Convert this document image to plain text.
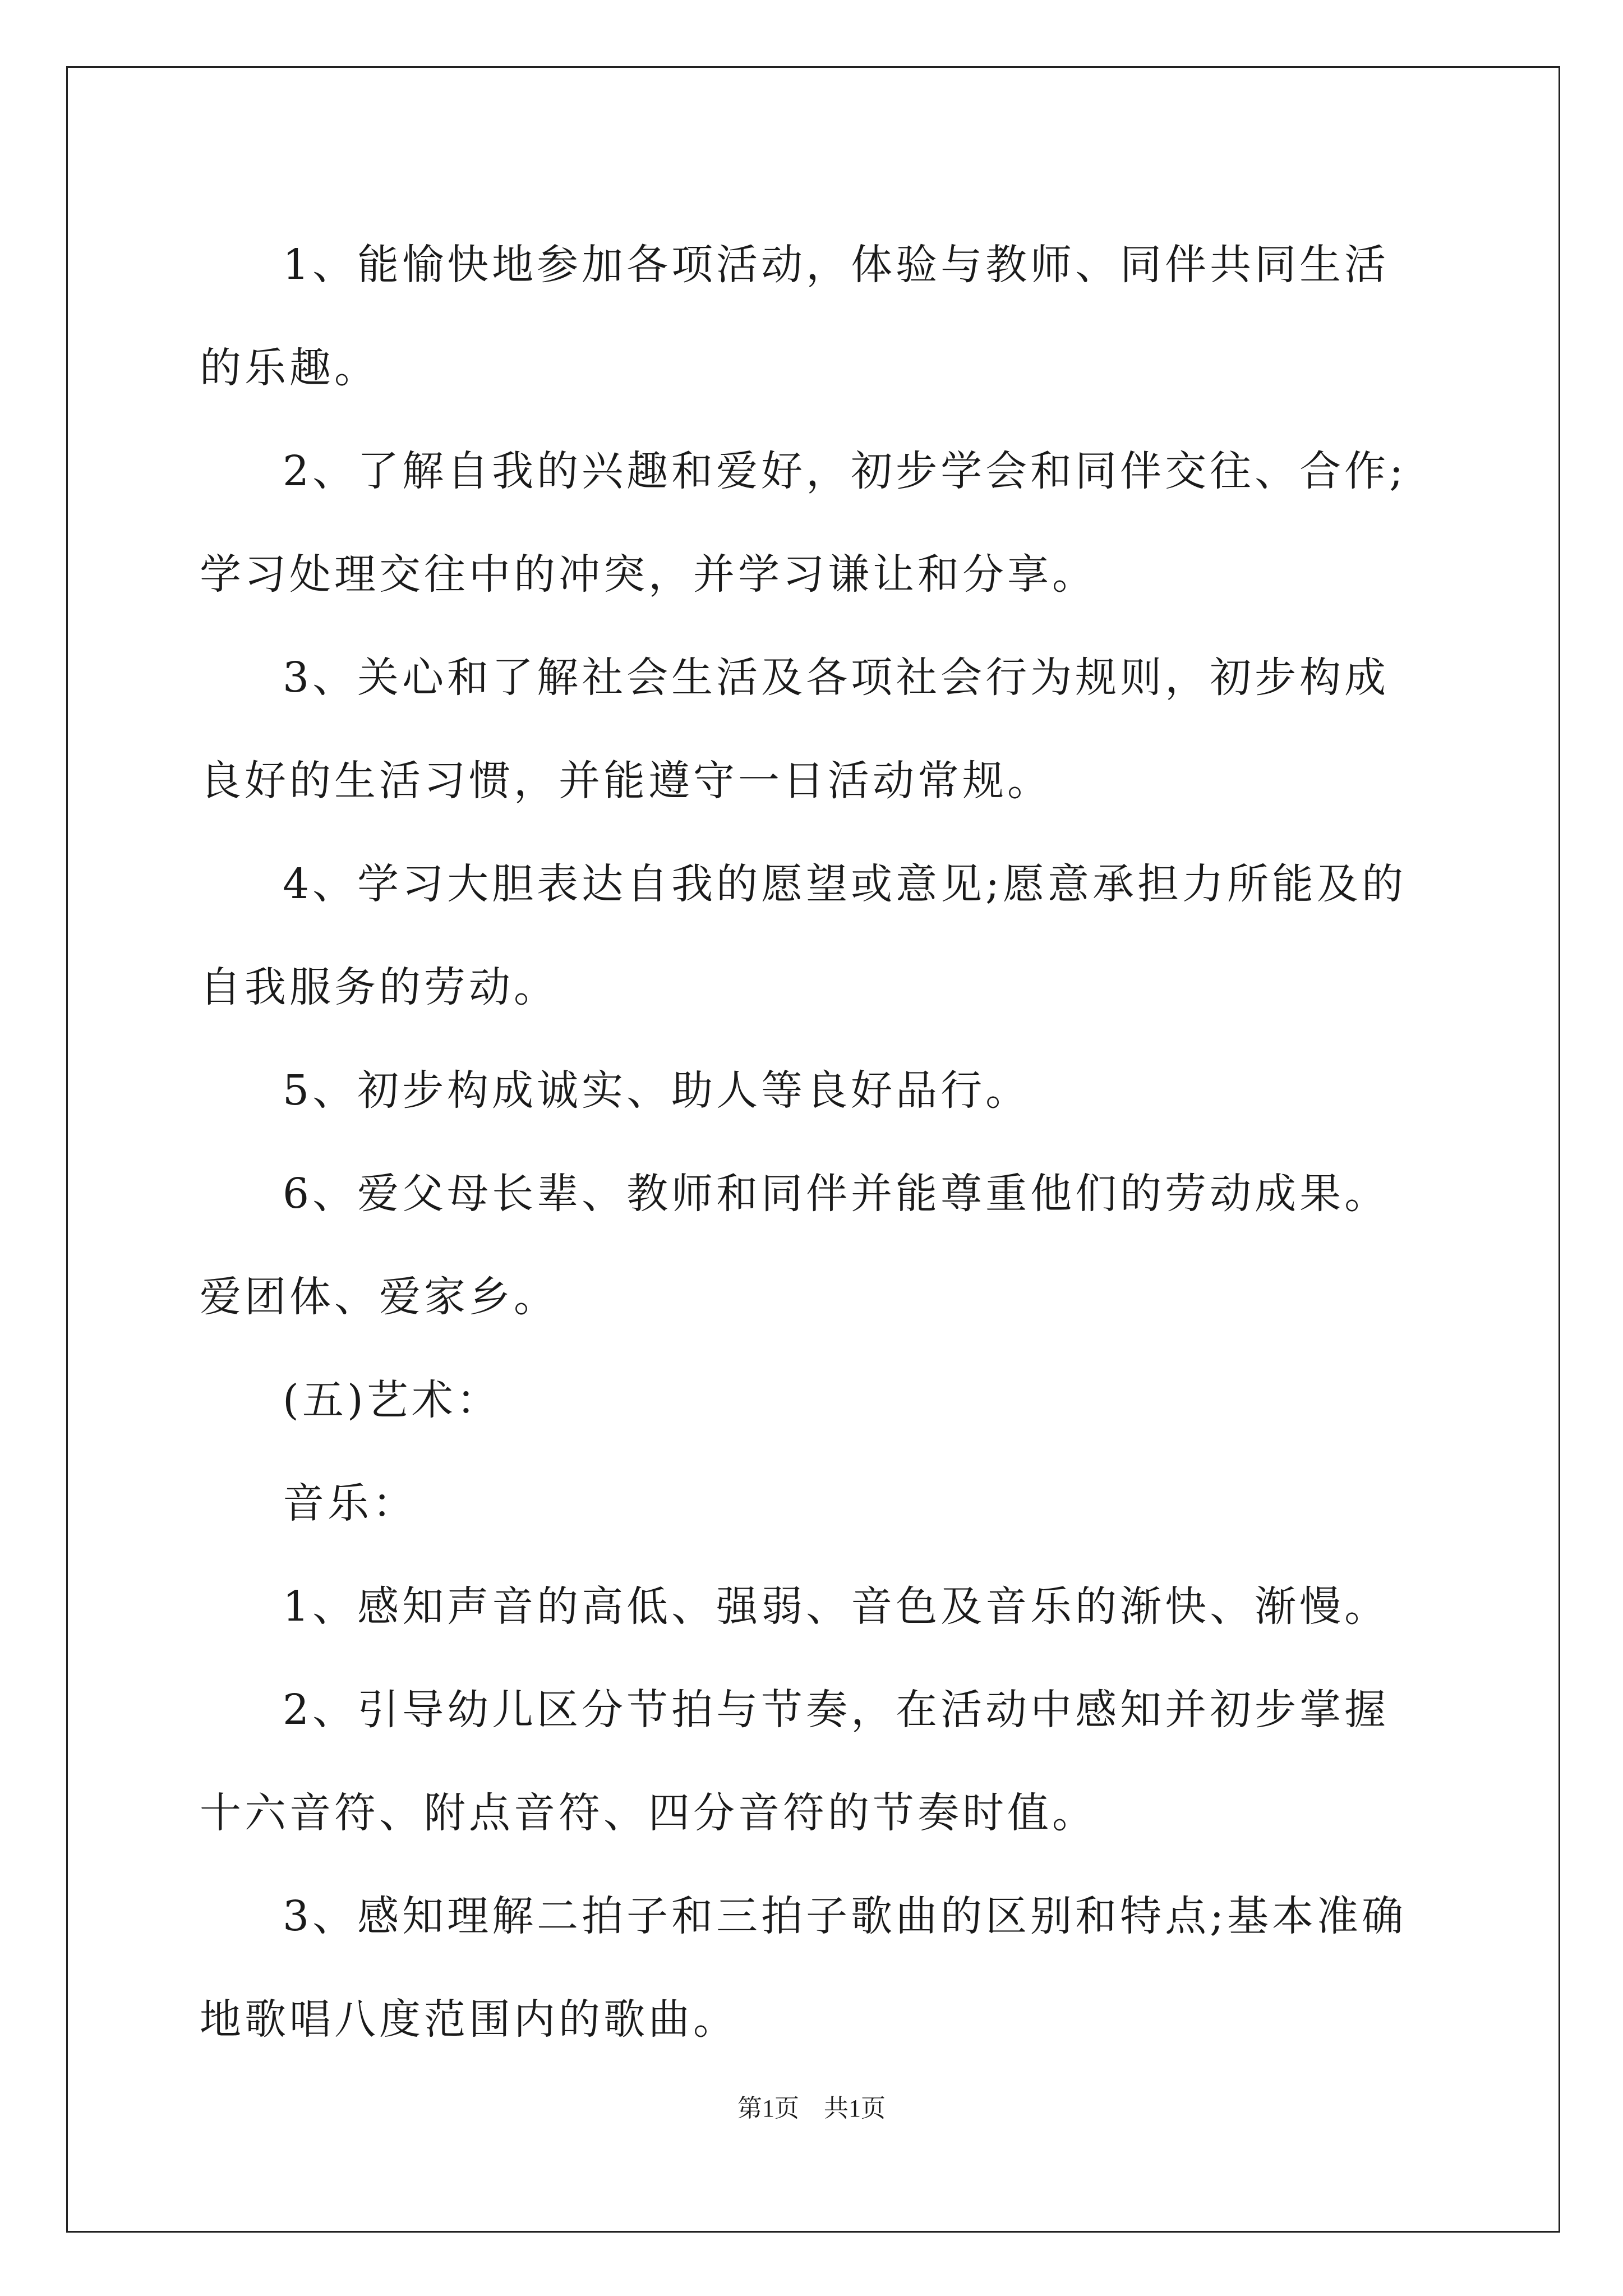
1、能愉快地参加各项活动，体验与教师、同伴共同生活的乐趣。

2、了解自我的兴趣和爱好，初步学会和同伴交往、合作;学习处理交往中的冲突，并学习谦让和分享。

3、关心和了解社会生活及各项社会行为规则，初步构成良好的生活习惯，并能遵守一日活动常规。

4、学习大胆表达自我的愿望或意见;愿意承担力所能及的自我服务的劳动。

5、初步构成诚实、助人等良好品行。

6、爱父母长辈、教师和同伴并能尊重他们的劳动成果。爱团体、爱家乡。

(五)艺术：

音乐：

1、感知声音的高低、强弱、音色及音乐的渐快、渐慢。

2、引导幼儿区分节拍与节奏，在活动中感知并初步掌握十六音符、附点音符、四分音符的节奏时值。

3、感知理解二拍子和三拍子歌曲的区别和特点;基本准确地歌唱八度范围内的歌曲。

第1页 共1页
